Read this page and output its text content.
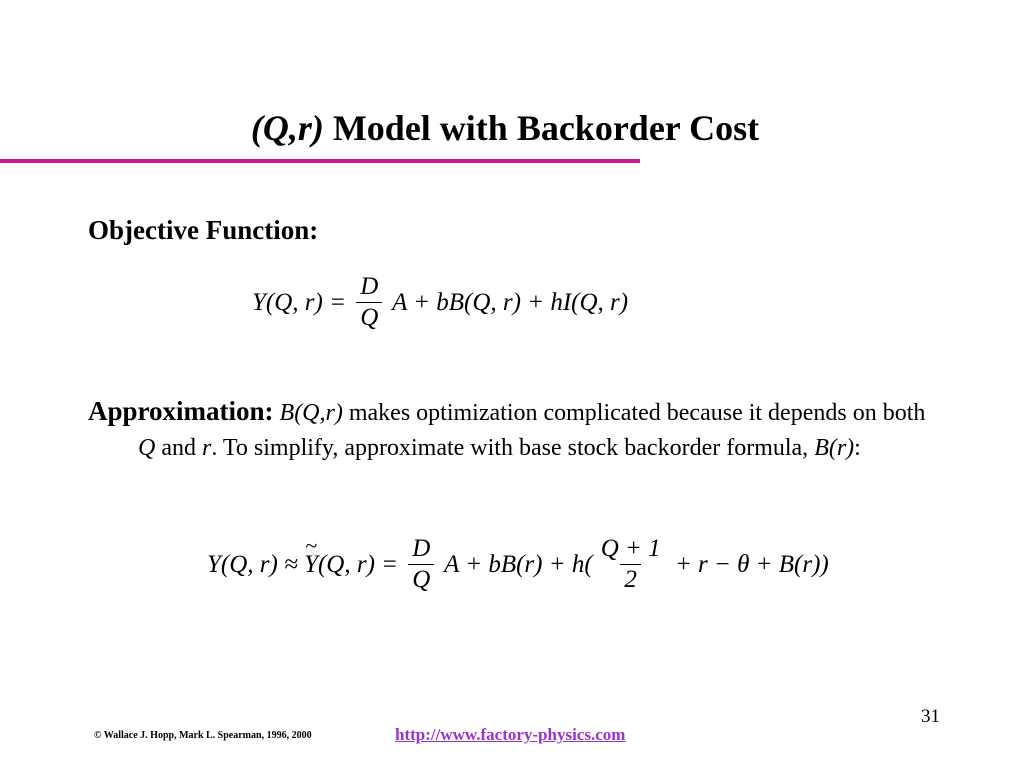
(Q,r) Model with Backorder Cost
Objective Function:
Y(Q, $r) = \frac{D}{Q}$ A + bB(Q, r) + hI(Q, r)
Approximation: B(Q,r) makes optimization complicated because it depends on both Q and r. To simplify, approximate with base stock backorder formula, B(r):
Y(Q, r) ≈
~
Y (Q, $r) = \frac{D}{Q}$ $A + bB(r) + h( \frac{Q + 1}{2} + r - \theta + B(r))$
31
© Wallace J. Hopp, Mark L. Spearman, 1996, 2000	http://www.factory-physics.com
